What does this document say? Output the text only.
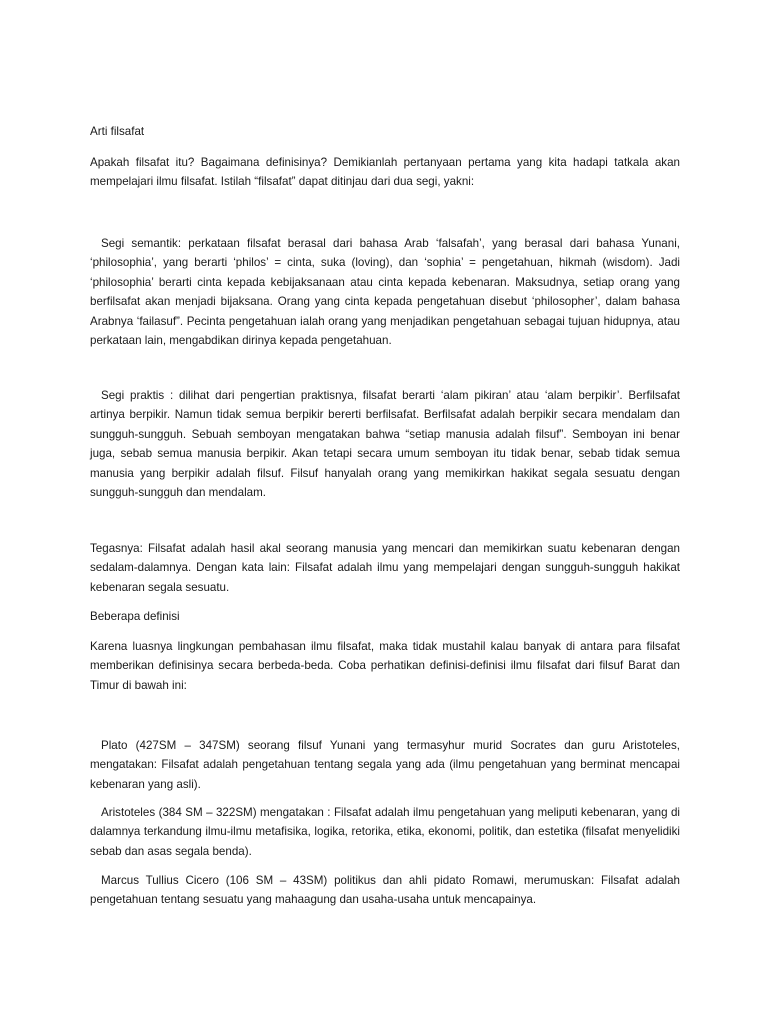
Arti filsafat

Apakah filsafat itu? Bagaimana definisinya? Demikianlah pertanyaan pertama yang kita hadapi tatkala akan mempelajari ilmu filsafat. Istilah “filsafat” dapat ditinjau dari dua segi, yakni:

Segi semantik: perkataan filsafat berasal dari bahasa Arab ‘falsafah’, yang berasal dari bahasa Yunani, ‘philosophia’, yang berarti ‘philos’ = cinta, suka (loving), dan ‘sophia’ = pengetahuan, hikmah (wisdom). Jadi ‘philosophia’ berarti cinta kepada kebijaksanaan atau cinta kepada kebenaran. Maksudnya, setiap orang yang berfilsafat akan menjadi bijaksana. Orang yang cinta kepada pengetahuan disebut ‘philosopher’, dalam bahasa Arabnya ‘failasuf”. Pecinta pengetahuan ialah orang yang menjadikan pengetahuan sebagai tujuan hidupnya, atau perkataan lain, mengabdikan dirinya kepada pengetahuan.

Segi praktis : dilihat dari pengertian praktisnya, filsafat berarti ‘alam pikiran’ atau ‘alam berpikir’. Berfilsafat artinya berpikir. Namun tidak semua berpikir bererti berfilsafat. Berfilsafat adalah berpikir secara mendalam dan sungguh-sungguh. Sebuah semboyan mengatakan bahwa “setiap manusia adalah filsuf”. Semboyan ini benar juga, sebab semua manusia berpikir. Akan tetapi secara umum semboyan itu tidak benar, sebab tidak semua manusia yang berpikir adalah filsuf. Filsuf hanyalah orang yang memikirkan hakikat segala sesuatu dengan sungguh-sungguh dan mendalam.

Tegasnya: Filsafat adalah hasil akal seorang manusia yang mencari dan memikirkan suatu kebenaran dengan sedalam-dalamnya. Dengan kata lain: Filsafat adalah ilmu yang mempelajari dengan sungguh-sungguh hakikat kebenaran segala sesuatu.

Beberapa definisi

Karena luasnya lingkungan pembahasan ilmu filsafat, maka tidak mustahil kalau banyak di antara para filsafat memberikan definisinya secara berbeda-beda. Coba perhatikan definisi-definisi ilmu filsafat dari filsuf Barat dan Timur di bawah ini:

Plato (427SM – 347SM) seorang filsuf Yunani yang termasyhur murid Socrates dan guru Aristoteles, mengatakan: Filsafat adalah pengetahuan tentang segala yang ada (ilmu pengetahuan yang berminat mencapai kebenaran yang asli).

Aristoteles (384 SM – 322SM) mengatakan : Filsafat adalah ilmu pengetahuan yang meliputi kebenaran, yang di dalamnya terkandung ilmu-ilmu metafisika, logika, retorika, etika, ekonomi, politik, dan estetika (filsafat menyelidiki sebab dan asas segala benda).

Marcus Tullius Cicero (106 SM – 43SM) politikus dan ahli pidato Romawi, merumuskan: Filsafat adalah pengetahuan tentang sesuatu yang mahaagung dan usaha-usaha untuk mencapainya.
